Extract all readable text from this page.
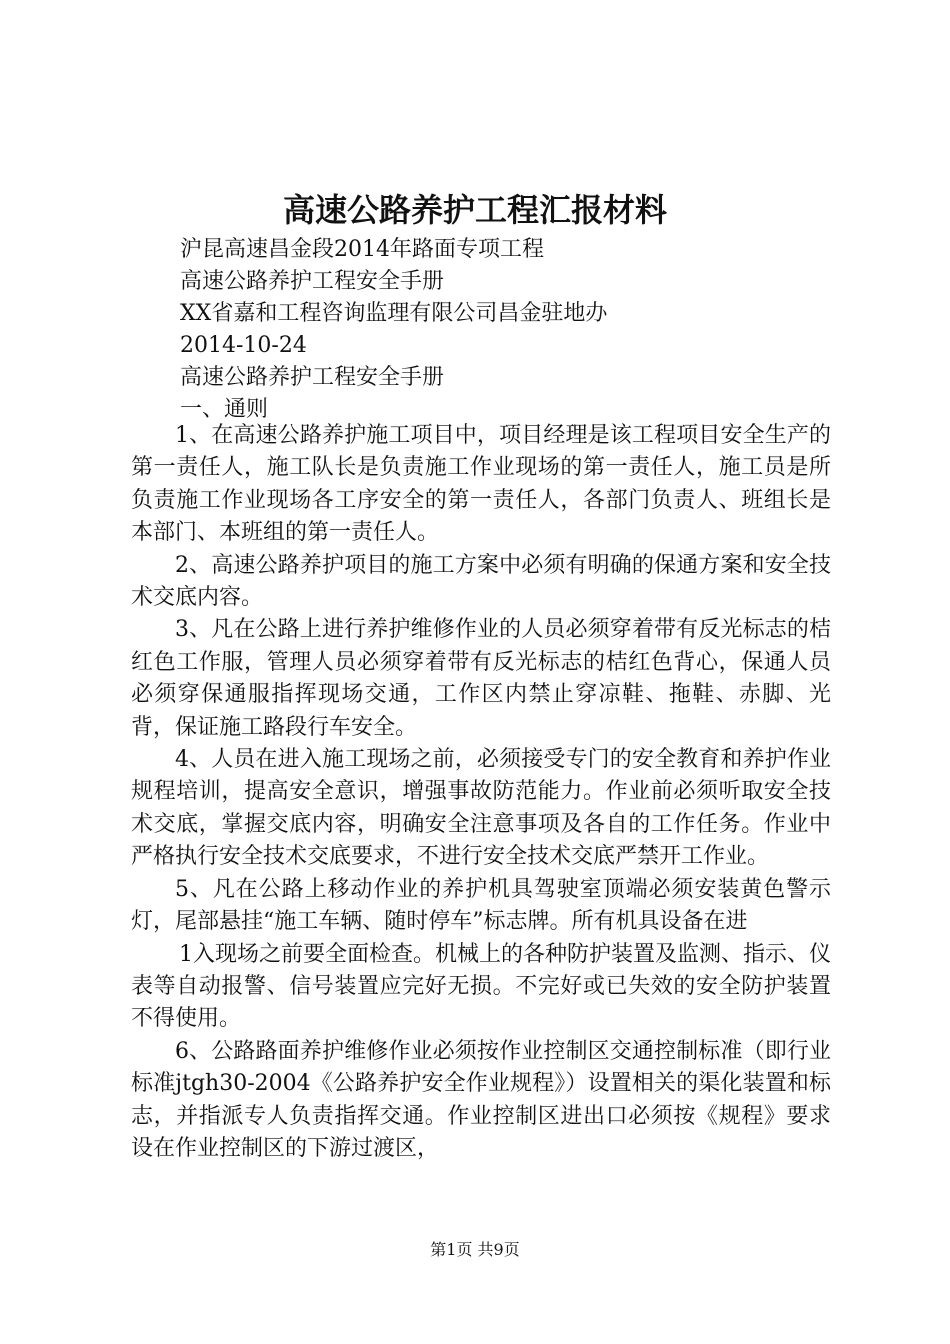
高速公路养护工程汇报材料
沪昆高速昌金段2014年路面专项工程
高速公路养护工程安全手册
XX省嘉和工程咨询监理有限公司昌金驻地办
2014-10-24
高速公路养护工程安全手册
一、通则

1、在高速公路养护施工项目中，项目经理是该工程项目安全生产的第一责任人，施工队长是负责施工作业现场的第一责任人，施工员是所负责施工作业现场各工序安全的第一责任人，各部门负责人、班组长是本部门、本班组的第一责任人。

2、高速公路养护项目的施工方案中必须有明确的保通方案和安全技术交底内容。

3、凡在公路上进行养护维修作业的人员必须穿着带有反光标志的桔红色工作服，管理人员必须穿着带有反光标志的桔红色背心，保通人员必须穿保通服指挥现场交通，工作区内禁止穿凉鞋、拖鞋、赤脚、光背，保证施工路段行车安全。

4、人员在进入施工现场之前，必须接受专门的安全教育和养护作业规程培训，提高安全意识，增强事故防范能力。作业前必须听取安全技术交底，掌握交底内容，明确安全注意事项及各自的工作任务。作业中严格执行安全技术交底要求，不进行安全技术交底严禁开工作业。

5、凡在公路上移动作业的养护机具驾驶室顶端必须安装黄色警示灯，尾部悬挂“施工车辆、随时停车”标志牌。所有机具设备在进

1入现场之前要全面检查。机械上的各种防护装置及监测、指示、仪表等自动报警、信号装置应完好无损。不完好或已失效的安全防护装置不得使用。

6、公路路面养护维修作业必须按作业控制区交通控制标准（即行业标准jtgh30-2004《公路养护安全作业规程》）设置相关的渠化装置和标志，并指派专人负责指挥交通。作业控制区进出口必须按《规程》要求设在作业控制区的下游过渡区，

第1页 共9页
